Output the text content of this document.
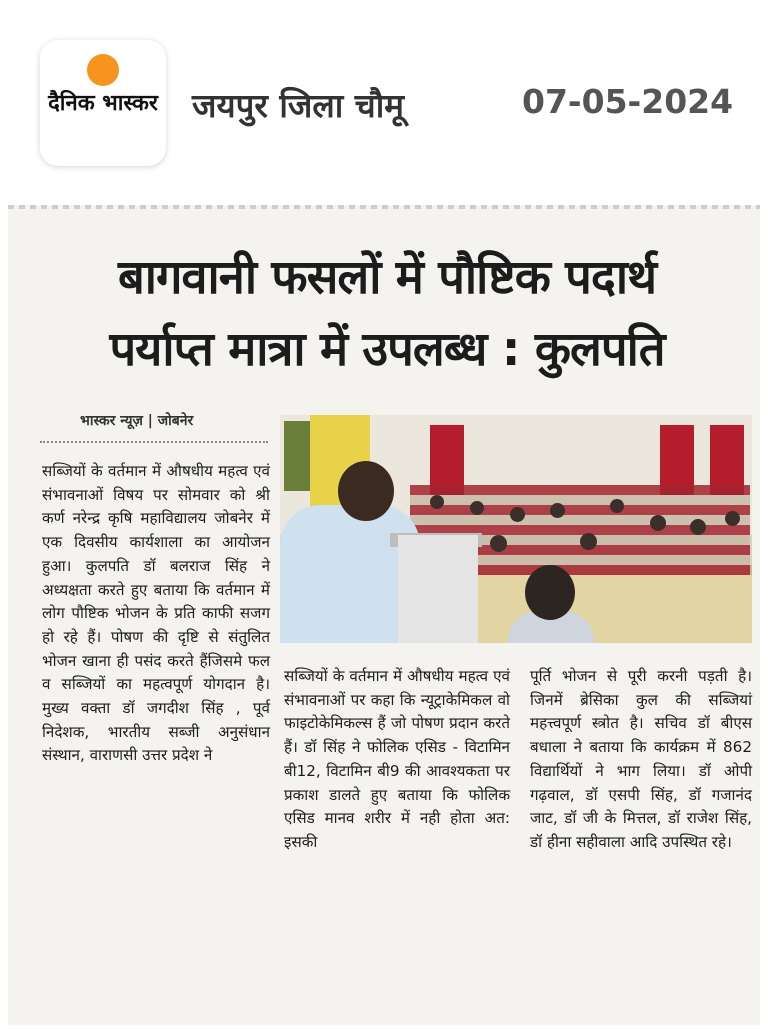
दैनिक भास्कर जयपुर जिला चौमू	07-05-2024
बागवानी फसलों में पौष्टिक पदार्थ
पर्याप्त मात्रा में उपलब्ध : कुलपति
भास्कर न्यूज़ | जोबनेर
सब्जियों के वर्तमान में औषधीय महत्व एवं संभावनाओं विषय पर सोमवार को श्री कर्ण नरेन्द्र कृषि महाविद्यालय जोबनेर में एक दिवसीय कार्यशाला का आयोजन हुआ। कुलपति डॉ बलराज सिंह ने अध्यक्षता करते हुए बताया कि वर्तमान में लोग पौष्टिक भोजन के प्रति काफी सजग हो रहे हैं। पोषण की दृष्टि से संतुलित भोजन खाना ही पसंद करते हैंजिसमे फल व सब्जियों का महत्वपूर्ण योगदान है। मुख्य वक्ता डॉ जगदीश सिंह , पूर्व निदेशक, भारतीय सब्जी अनुसंधान संस्थान, वाराणसी उत्तर प्रदेश ने
सब्जियों के वर्तमान में औषधीय महत्व एवं संभावनाओं पर कहा कि न्यूट्राकेमिकल वो फाइटोकेमिकल्स हैं जो पोषण प्रदान करते हैं। डॉ सिंह ने फोलिक एसिड - विटामिन बी12, विटामिन बी9 की आवश्यकता पर प्रकाश डालते हुए बताया कि फोलिक एसिड मानव शरीर में नही होता अत: इसकी
पूर्ति भोजन से पूरी करनी पड़ती है। जिनमें ब्रेसिका कुल की सब्जियां महत्त्वपूर्ण स्त्रोत है। सचिव डॉ बीएस बधाला ने बताया कि कार्यक्रम में 862 विद्यार्थियों ने भाग लिया। डॉ ओपी गढ़वाल, डॉ एसपी सिंह, डॉ गजानंद जाट, डॉ जी के मित्तल, डॉ राजेश सिंह, डॉ हीना सहीवाला आदि उपस्थित रहे।
